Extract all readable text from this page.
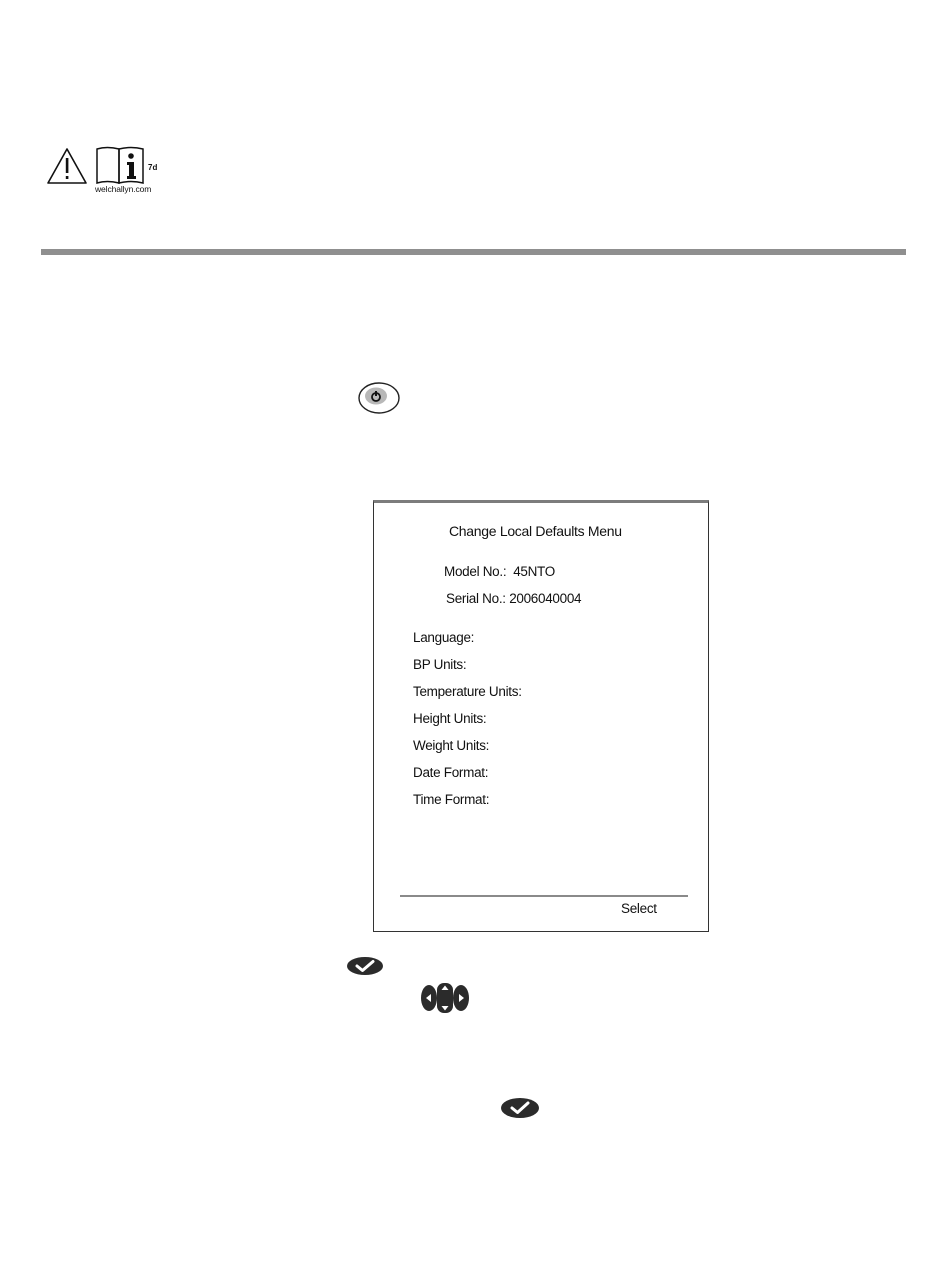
7d
welchallyn.com
Change Local Defaults Menu
Model No.: 45NTO
Serial No.: 2006040004
Language:
BP Units:
Temperature Units:
Height Units:
Weight Units:
Date Format:
Time Format:
Select
